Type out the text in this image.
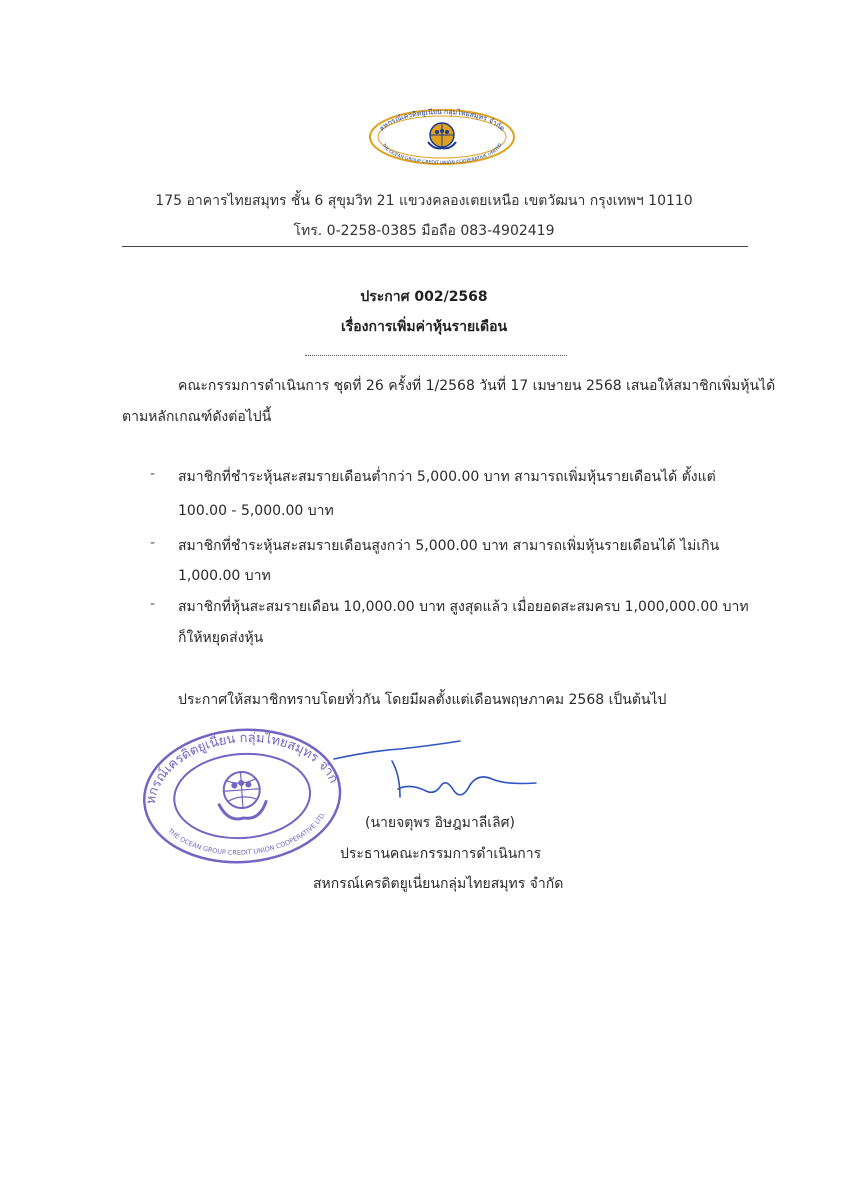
สหกรณ์เครดิตยูเนี่ยน กลุ่มไทยสมุทร จำกัด
THE OCEAN GROUP CREDIT UNION COOPERATIVE LIMITED
175 อาคารไทยสมุทร ชั้น 6 สุขุมวิท 21 แขวงคลองเตยเหนือ เขตวัฒนา กรุงเทพฯ 10110
โทร. 0-2258-0385 มือถือ 083-4902419
ประกาศ 002/2568
เรื่องการเพิ่มค่าหุ้นรายเดือน
คณะกรรมการดำเนินการ ชุดที่ 26 ครั้งที่ 1/2568 วันที่ 17 เมษายน 2568 เสนอให้สมาชิกเพิ่มหุ้นได้
ตามหลักเกณฑ์ดังต่อไปนี้
- สมาชิกที่ชำระหุ้นสะสมรายเดือนต่ำกว่า 5,000.00 บาท สามารถเพิ่มหุ้นรายเดือนได้ ตั้งแต่
100.00 - 5,000.00 บาท
- สมาชิกที่ชำระหุ้นสะสมรายเดือนสูงกว่า 5,000.00 บาท สามารถเพิ่มหุ้นรายเดือนได้ ไม่เกิน
1,000.00 บาท
- สมาชิกที่หุ้นสะสมรายเดือน 10,000.00 บาท สูงสุดแล้ว เมื่อยอดสะสมครบ 1,000,000.00 บาท
ก็ให้หยุดส่งหุ้น
ประกาศให้สมาชิกทราบโดยทั่วกัน โดยมีผลตั้งแต่เดือนพฤษภาคม 2568 เป็นต้นไป
สหกรณ์เครดิตยูเนี่ยน กลุ่มไทยสมุทร จำกัด
THE OCEAN GROUP CREDIT UNION COOPERATIVE LTD.
(นายจตุพร อิษฎมาลีเลิศ)
ประธานคณะกรรมการดำเนินการ
สหกรณ์เครดิตยูเนี่ยนกลุ่มไทยสมุทร จำกัด
